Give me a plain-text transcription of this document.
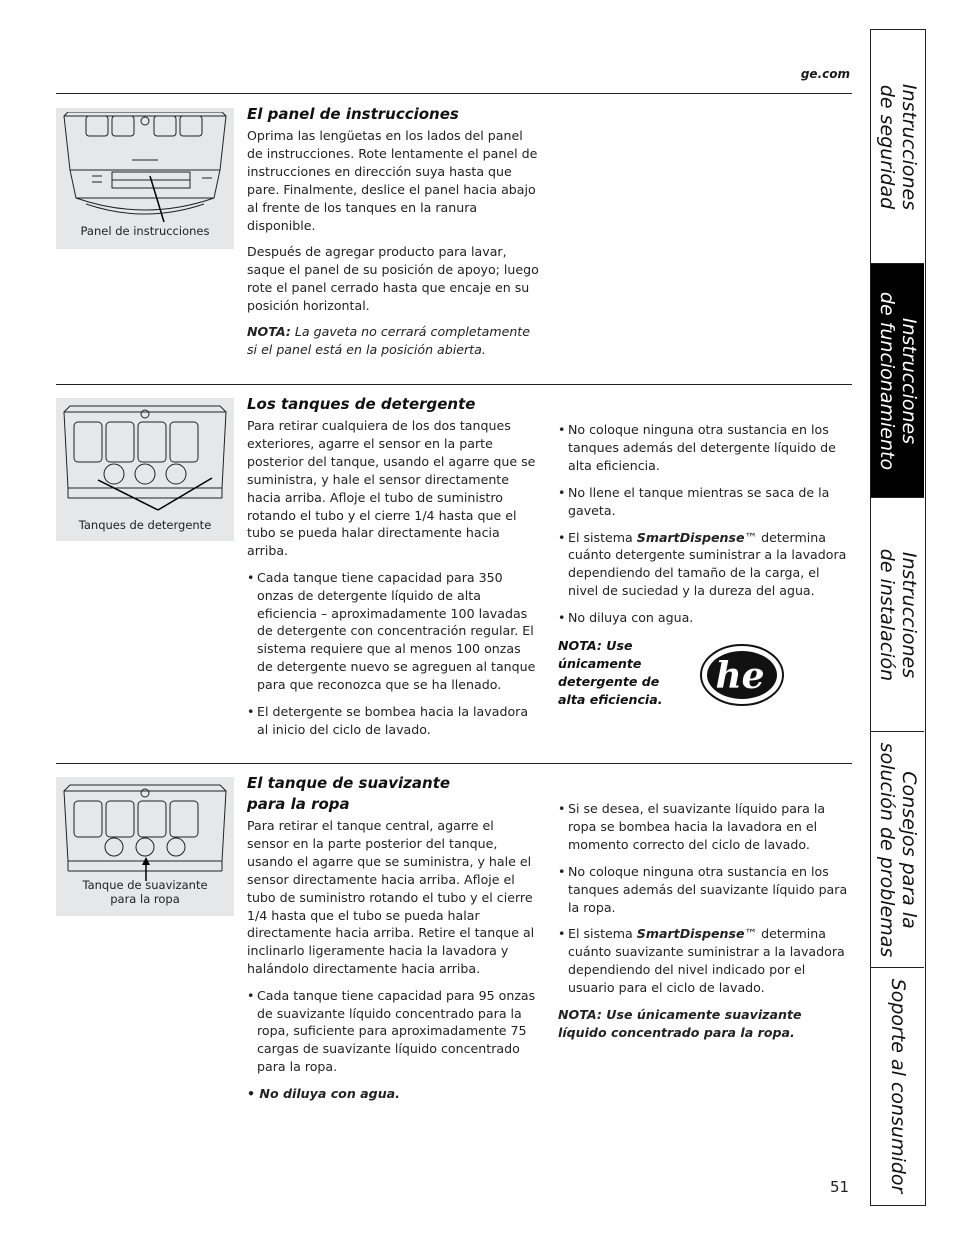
ge.com
Panel de instrucciones
El panel de instrucciones

Oprima las lengüetas en los lados del panel de instrucciones. Rote lentamente el panel de instrucciones en dirección suya hasta que pare. Finalmente, deslice el panel hacia abajo al frente de los tanques en la ranura disponible.

Después de agregar producto para lavar, saque el panel de su posición de apoyo; luego rote el panel cerrado hasta que encaje en su posición horizontal.

NOTA: La gaveta no cerrará completamente si el panel está en la posición abierta.

Tanques de detergente
Los tanques de detergente

Para retirar cualquiera de los dos tanques exteriores, agarre el sensor en la parte posterior del tanque, usando el agarre que se suministra, y hale el sensor directamente hacia arriba. Afloje el tubo de suministro rotando el tubo y el cierre 1/4 hasta que el tubo se pueda halar directamente hacia arriba.

• Cada tanque tiene capacidad para 350 onzas de detergente líquido de alta eficiencia – aproximadamente 100 lavadas de detergente con concentración regular. El sistema requiere que al menos 100 onzas de detergente nuevo se agreguen al tanque para que reconozca que se ha llenado.
• El detergente se bombea hacia la lavadora al inicio del ciclo de lavado.
• No coloque ninguna otra sustancia en los tanques además del detergente líquido de alta eficiencia.
• No llene el tanque mientras se saca de la gaveta.
• El sistema SmartDispense™ determina cuánto detergente suministrar a la lavadora dependiendo del tamaño de la carga, el nivel de suciedad y la dureza del agua.
• No diluya con agua.
NOTA: Use únicamente detergente de alta eficiencia.
he
Tanque de suavizante para la ropa
El tanque de suavizante para la ropa

Para retirar el tanque central, agarre el sensor en la parte posterior del tanque, usando el agarre que se suministra, y hale el sensor directamente hacia arriba. Afloje el tubo de suministro rotando el tubo y el cierre 1/4 hasta que el tubo se pueda halar directamente hacia arriba. Retire el tanque al inclinarlo ligeramente hacia la lavadora y halándolo directamente hacia arriba.

• Cada tanque tiene capacidad para 95 onzas de suavizante líquido concentrado para la ropa, suficiente para aproximadamente 75 cargas de suavizante líquido concentrado para la ropa.

• No diluya con agua.

• Si se desea, el suavizante líquido para la ropa se bombea hacia la lavadora en el momento correcto del ciclo de lavado.
• No coloque ninguna otra sustancia en los tanques además del suavizante líquido para la ropa.
• El sistema SmartDispense™ determina cuánto suavizante suministrar a la lavadora dependiendo del nivel indicado por el usuario para el ciclo de lavado.

NOTA: Use únicamente suavizante líquido concentrado para la ropa.

51
Instrucciones
de seguridad
Instrucciones
de funcionamiento
Instrucciones
de instalación
Consejos para la
solución de problemas
Soporte al consumidor
